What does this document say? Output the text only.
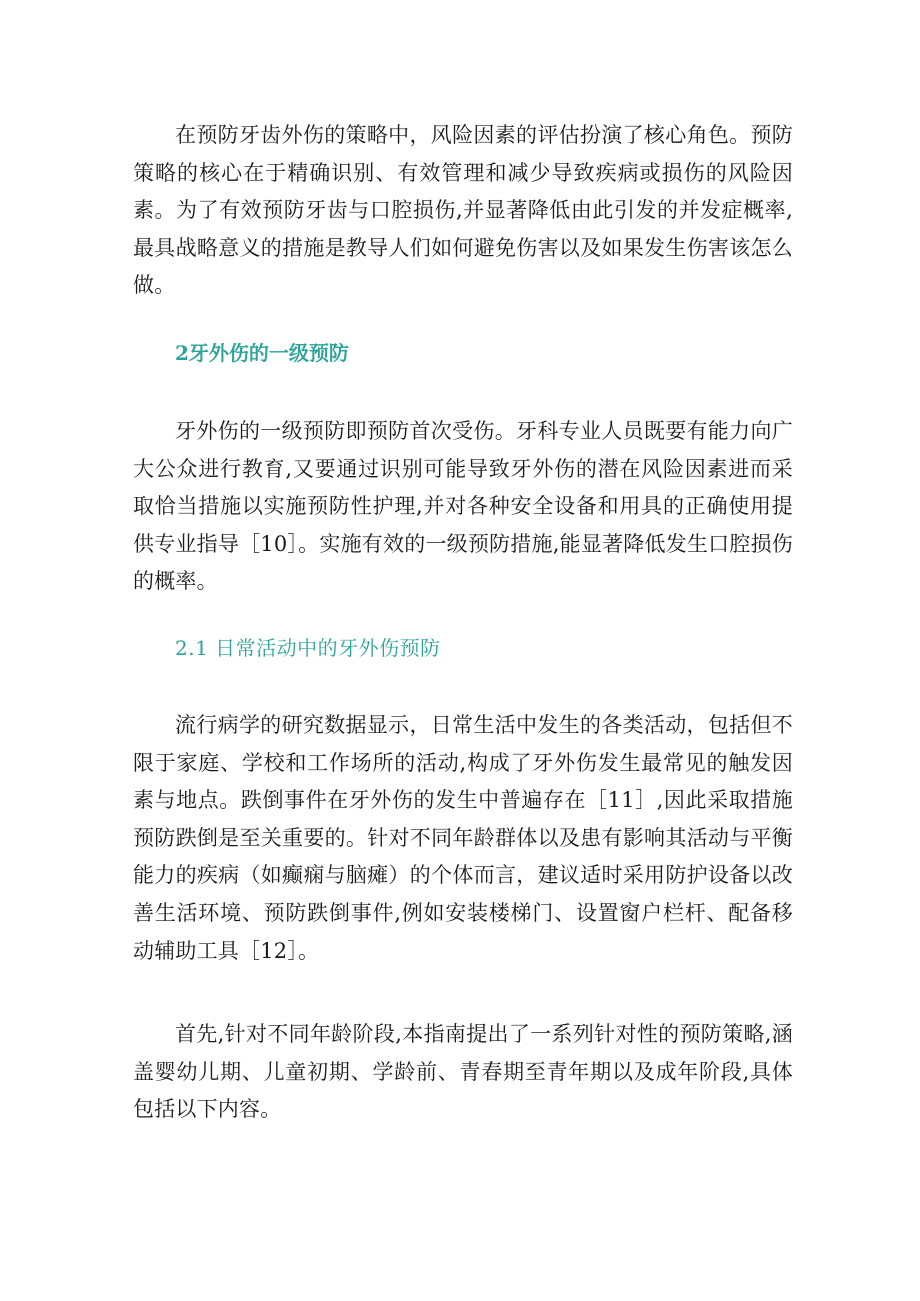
在预防牙齿外伤的策略中，风险因素的评估扮演了核心角色。预防策略的核心在于精确识别、有效管理和减少导致疾病或损伤的风险因素。为了有效预防牙齿与口腔损伤,并显著降低由此引发的并发症概率,最具战略意义的措施是教导人们如何避免伤害以及如果发生伤害该怎么做。

2牙外伤的一级预防

牙外伤的一级预防即预防首次受伤。牙科专业人员既要有能力向广大公众进行教育,又要通过识别可能导致牙外伤的潜在风险因素进而采取恰当措施以实施预防性护理,并对各种安全设备和用具的正确使用提供专业指导［10］。实施有效的一级预防措施,能显著降低发生口腔损伤的概率。

2.1 日常活动中的牙外伤预防

流行病学的研究数据显示，日常生活中发生的各类活动，包括但不限于家庭、学校和工作场所的活动,构成了牙外伤发生最常见的触发因素与地点。跌倒事件在牙外伤的发生中普遍存在［11］,因此采取措施预防跌倒是至关重要的。针对不同年龄群体以及患有影响其活动与平衡能力的疾病（如癫痫与脑瘫）的个体而言，建议适时采用防护设备以改善生活环境、预防跌倒事件,例如安装楼梯门、设置窗户栏杆、配备移动辅助工具［12］。

首先,针对不同年龄阶段,本指南提出了一系列针对性的预防策略,涵盖婴幼儿期、儿童初期、学龄前、青春期至青年期以及成年阶段,具体包括以下内容。
